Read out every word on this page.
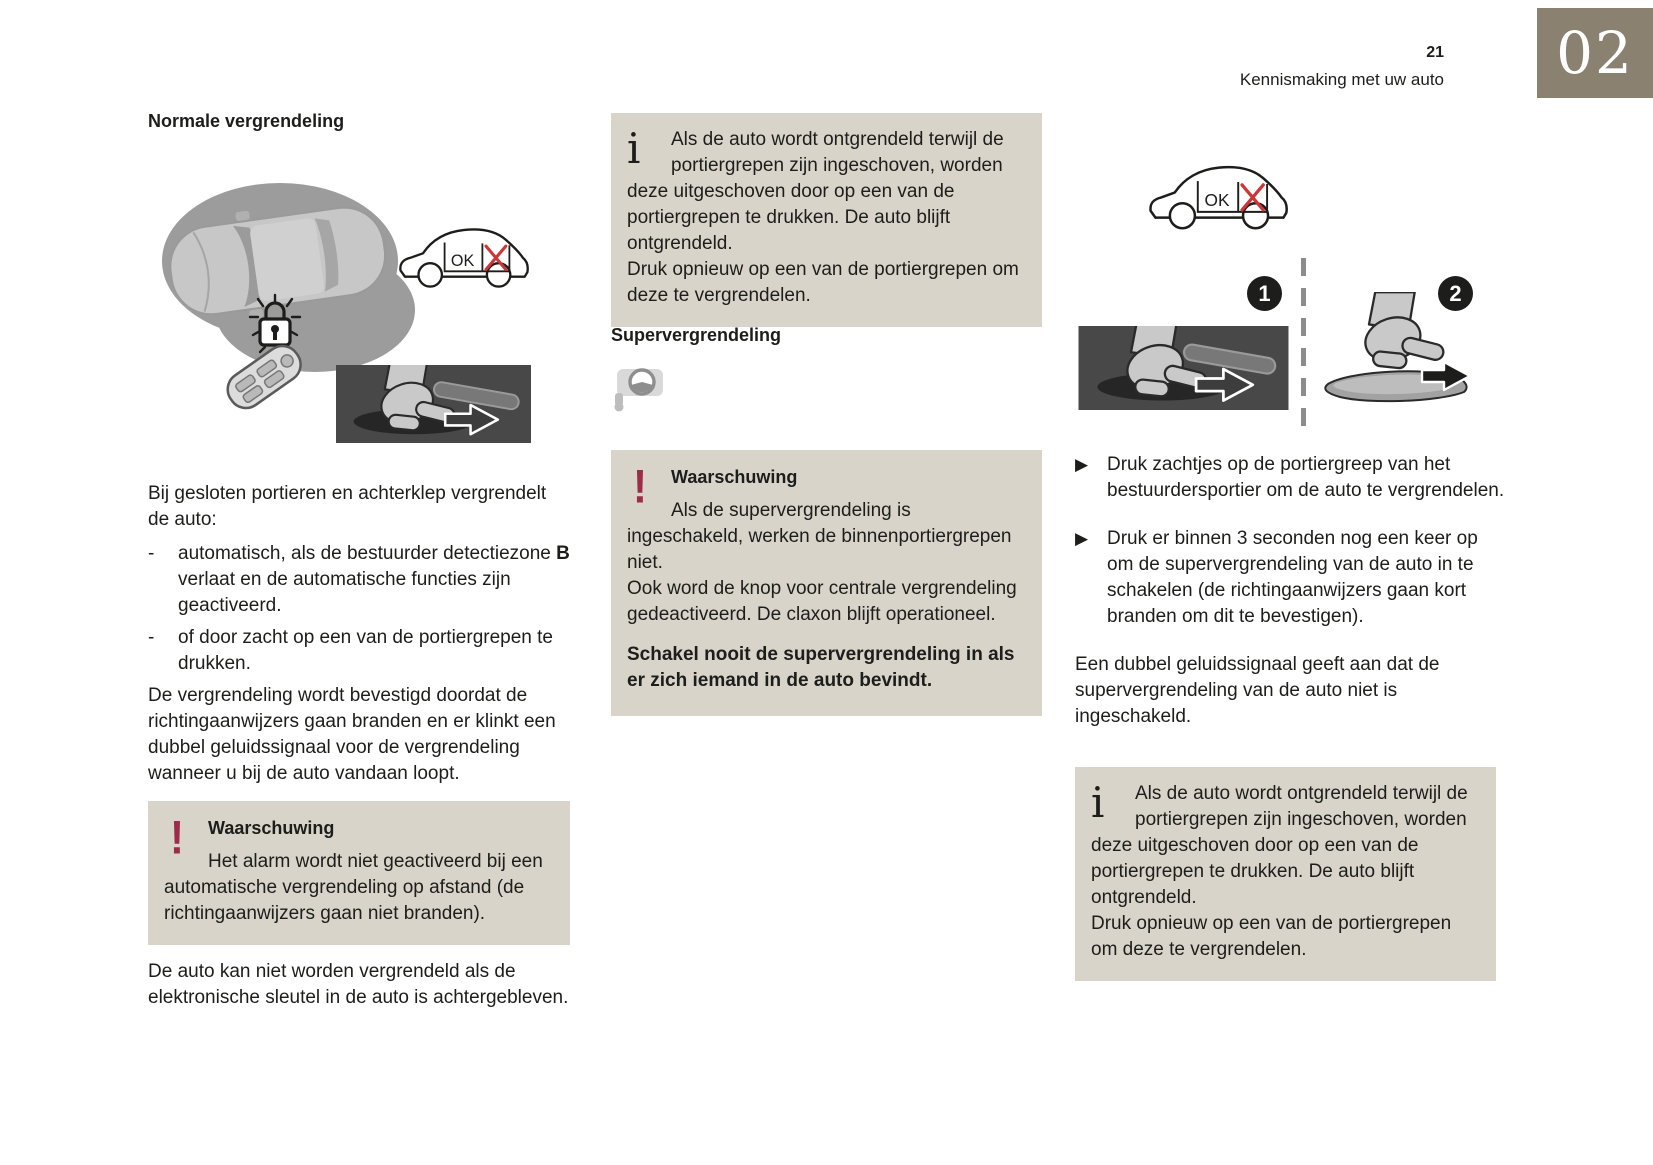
21
Kennismaking met uw auto 02
Normale vergrendeling

Bij gesloten portieren en achterklep vergrendelt de auto:

-	automatisch, als de bestuurder detectiezone B verlaat en de automatische functies zijn geactiveerd.
-	of door zacht op een van de portiergrepen te drukken.

De vergrendeling wordt bevestigd doordat de richtingaanwijzers gaan branden en er klinkt een dubbel geluidssignaal voor de vergrendeling wanneer u bij de auto vandaan loopt.

! Waarschuwing

Het alarm wordt niet geactiveerd bij een automatische vergrendeling op afstand (de richtingaanwijzers gaan niet branden).

De auto kan niet worden vergrendeld als de elektronische sleutel in de auto is achtergebleven.

i	Als de auto wordt ontgrendeld terwijl de portiergrepen zijn ingeschoven, worden deze uitgeschoven door op een van de portiergrepen te drukken. De auto blijft ontgrendeld.
Druk opnieuw op een van de portiergrepen om deze te vergrendelen.

Supervergrendeling
! Waarschuwing

Als de supervergrendeling is ingeschakeld, werken de binnenportiergrepen niet.
Ook word de knop voor centrale vergrendeling gedeactiveerd. De claxon blijft operationeel.

Schakel nooit de supervergrendeling in als er zich iemand in de auto bevindt.

1	2
▶ Druk zachtjes op de portiergreep van het bestuurdersportier om de auto te vergrendelen.
▶ Druk er binnen 3 seconden nog een keer op om de supervergrendeling van de auto in te schakelen (de richtingaanwijzers gaan kort branden om dit te bevestigen).

Een dubbel geluidssignaal geeft aan dat de supervergrendeling van de auto niet is ingeschakeld.

i	Als de auto wordt ontgrendeld terwijl de portiergrepen zijn ingeschoven, worden deze uitgeschoven door op een van de portiergrepen te drukken. De auto blijft ontgrendeld.
Druk opnieuw op een van de portiergrepen om deze te vergrendelen.
